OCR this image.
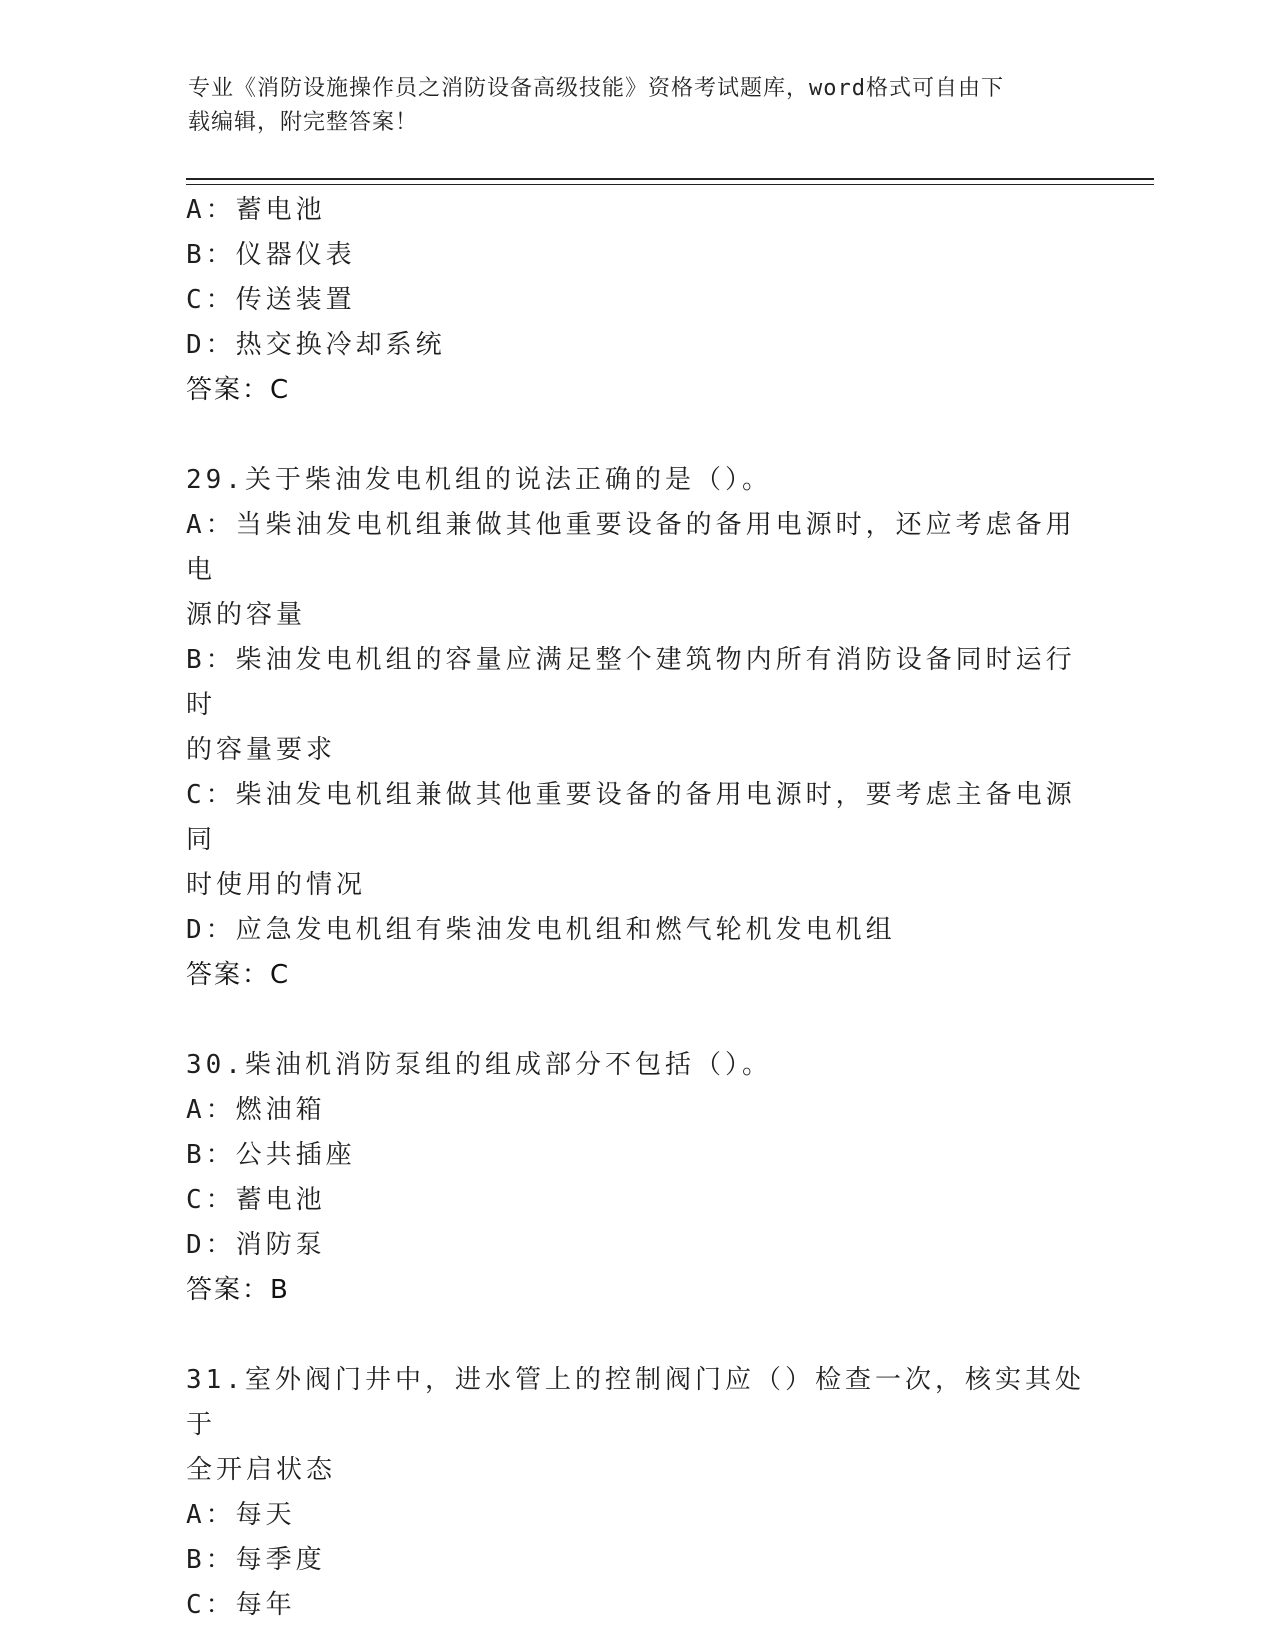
专业《消防设施操作员之消防设备高级技能》资格考试题库，word格式可自由下
载编辑，附完整答案！
A：蓄电池
B：仪器仪表
C：传送装置
D：热交换冷却系统
答案：C
29.关于柴油发电机组的说法正确的是（）。
A：当柴油发电机组兼做其他重要设备的备用电源时，还应考虑备用电
源的容量
B：柴油发电机组的容量应满足整个建筑物内所有消防设备同时运行时
的容量要求
C：柴油发电机组兼做其他重要设备的备用电源时，要考虑主备电源同
时使用的情况
D：应急发电机组有柴油发电机组和燃气轮机发电机组
答案：C
30.柴油机消防泵组的组成部分不包括（）。
A：燃油箱
B：公共插座
C：蓄电池
D：消防泵
答案：B
31.室外阀门井中，进水管上的控制阀门应（）检查一次，核实其处于
全开启状态
A：每天
B：每季度
C：每年
